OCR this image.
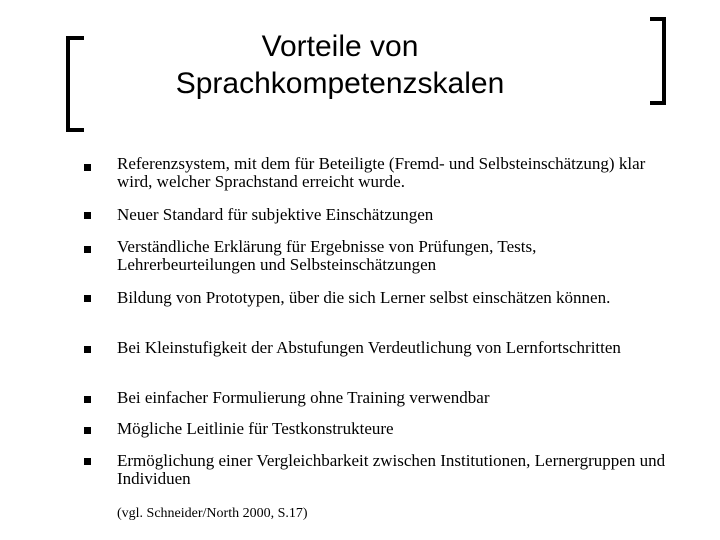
Vorteile von
Sprachkompetenzskalen
Referenzsystem, mit dem für Beteiligte (Fremd- und Selbsteinschätzung) klar wird, welcher Sprachstand erreicht wurde.
Neuer Standard für subjektive Einschätzungen
Verständliche Erklärung für Ergebnisse von Prüfungen, Tests, Lehrerbeurteilungen und Selbsteinschätzungen
Bildung von Prototypen, über die sich Lerner selbst einschätzen können.
Bei Kleinstufigkeit der Abstufungen Verdeutlichung von Lernfortschritten
Bei einfacher Formulierung ohne Training verwendbar
Mögliche Leitlinie für Testkonstrukteure
Ermöglichung einer Vergleichbarkeit zwischen Institutionen, Lernergruppen und Individuen
(vgl. Schneider/North 2000, S.17)
